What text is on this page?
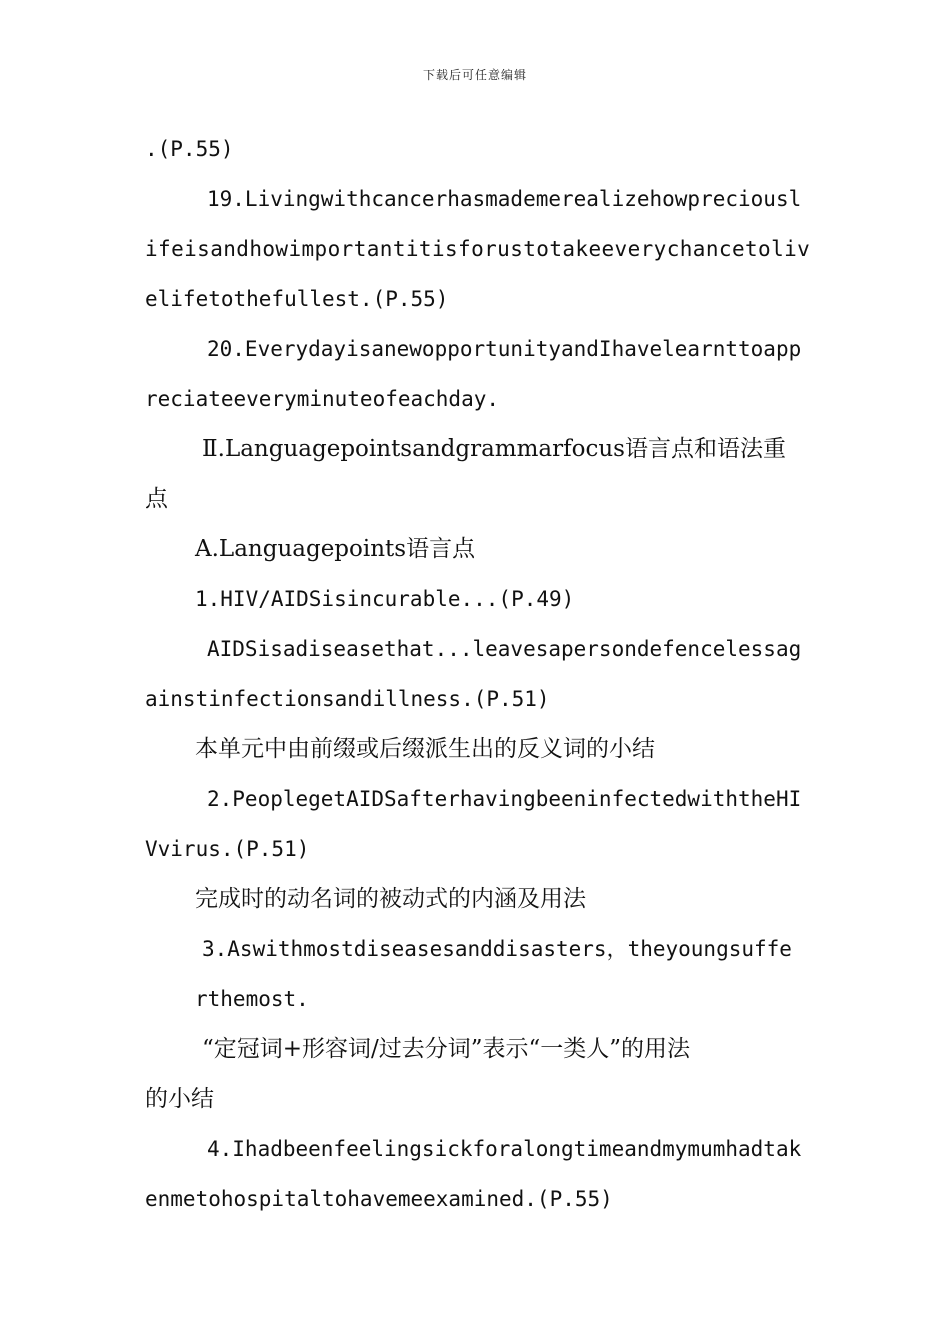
下载后可任意编辑
.(P.55)
19.Livingwithcancerhasmademerealizehowpreciousl
ifeisandhowimportantitisforustotakeeverychancetoliv
elifetothefullest.(P.55)
20.EverydayisanewopportunityandIhavelearnttoapp
reciateeveryminuteofeachday.
Ⅱ.Languagepointsandgrammarfocus语言点和语法重
点
A.Languagepoints语言点
1.HIV/AIDSisincurable...(P.49)
AIDSisadiseasethat...leavesapersondefencelessag
ainstinfectionsandillness.(P.51)
本单元中由前缀或后缀派生出的反义词的小结
2.PeoplegetAIDSafterhavingbeeninfectedwiththeHI
Vvirus.(P.51)
完成时的动名词的被动式的内涵及用法
3.Aswithmostdiseasesanddisasters，theyoungsuffe
rthemost.
“定冠词+形容词/过去分词”表示“一类人”的用法
的小结
4.Ihadbeenfeelingsickforalongtimeandmymumhadtak
enmetohospitaltohavemeexamined.(P.55)
